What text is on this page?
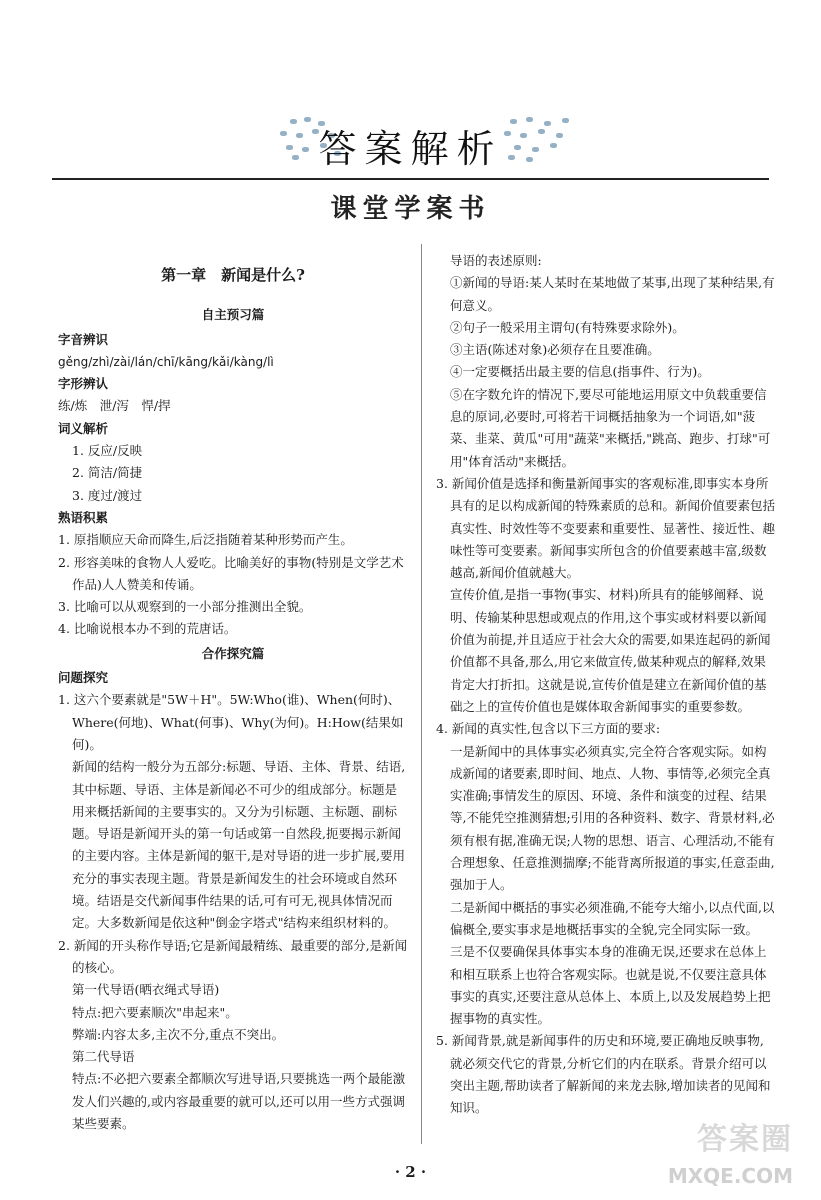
答案解析
课堂学案书
第一章　新闻是什么?
自主预习篇

字音辨识

gěng/zhì/zài/lán/chī/kāng/kǎi/kàng/lì

字形辨认

练/炼　泄/泻　悍/捍

词义解析

1. 反应/反映

2. 简洁/简捷

3. 度过/渡过

熟语积累

1. 原指顺应天命而降生,后泛指随着某种形势而产生。

2. 形容美味的食物人人爱吃。比喻美好的事物(特别是文学艺术作品)人人赞美和传诵。

3. 比喻可以从观察到的一小部分推测出全貌。

4. 比喻说根本办不到的荒唐话。

合作探究篇

问题探究

1. 这六个要素就是"5W＋H"。5W:Who(谁)、When(何时)、Where(何地)、What(何事)、Why(为何)。H:How(结果如何)。

新闻的结构一般分为五部分:标题、导语、主体、背景、结语,其中标题、导语、主体是新闻必不可少的组成部分。标题是用来概括新闻的主要事实的。又分为引标题、主标题、副标题。导语是新闻开头的第一句话或第一自然段,扼要揭示新闻的主要内容。主体是新闻的躯干,是对导语的进一步扩展,要用充分的事实表现主题。背景是新闻发生的社会环境或自然环境。结语是交代新闻事件结果的话,可有可无,视具体情况而定。大多数新闻是依这种"倒金字塔式"结构来组织材料的。

2. 新闻的开头称作导语;它是新闻最精练、最重要的部分,是新闻的核心。

第一代导语(晒衣绳式导语)

特点:把六要素顺次"串起来"。

弊端:内容太多,主次不分,重点不突出。

第二代导语

特点:不必把六要素全都顺次写进导语,只要挑选一两个最能激发人们兴趣的,或内容最重要的就可以,还可以用一些方式强调某些要素。

导语的表述原则:

①新闻的导语:某人某时在某地做了某事,出现了某种结果,有何意义。

②句子一般采用主谓句(有特殊要求除外)。

③主语(陈述对象)必须存在且要准确。

④一定要概括出最主要的信息(指事件、行为)。

⑤在字数允许的情况下,要尽可能地运用原文中负载重要信息的原词,必要时,可将若干词概括抽象为一个词语,如"菠菜、韭菜、黄瓜"可用"蔬菜"来概括,"跳高、跑步、打球"可用"体育活动"来概括。

3. 新闻价值是选择和衡量新闻事实的客观标准,即事实本身所具有的足以构成新闻的特殊素质的总和。新闻价值要素包括真实性、时效性等不变要素和重要性、显著性、接近性、趣味性等可变要素。新闻事实所包含的价值要素越丰富,级数越高,新闻价值就越大。

宣传价值,是指一事物(事实、材料)所具有的能够阐释、说明、传输某种思想或观点的作用,这个事实或材料要以新闻价值为前提,并且适应于社会大众的需要,如果连起码的新闻价值都不具备,那么,用它来做宣传,做某种观点的解释,效果肯定大打折扣。这就是说,宣传价值是建立在新闻价值的基础之上的宣传价值也是媒体取舍新闻事实的重要参数。

4. 新闻的真实性,包含以下三方面的要求:

一是新闻中的具体事实必须真实,完全符合客观实际。如构成新闻的诸要素,即时间、地点、人物、事情等,必须完全真实准确;事情发生的原因、环境、条件和演变的过程、结果等,不能凭空推测猜想;引用的各种资料、数字、背景材料,必须有根有据,准确无误;人物的思想、语言、心理活动,不能有合理想象、任意推测揣摩;不能背离所报道的事实,任意歪曲,强加于人。

二是新闻中概括的事实必须准确,不能夸大缩小,以点代面,以偏概全,要实事求是地概括事实的全貌,完全同实际一致。

三是不仅要确保具体事实本身的准确无误,还要求在总体上和相互联系上也符合客观实际。也就是说,不仅要注意具体事实的真实,还要注意从总体上、本质上,以及发展趋势上把握事物的真实性。

5. 新闻背景,就是新闻事件的历史和环境,要正确地反映事物,就必须交代它的背景,分析它们的内在联系。背景介绍可以突出主题,帮助读者了解新闻的来龙去脉,增加读者的见闻和知识。

· 2 ·
答案圈
MXQE.COM
